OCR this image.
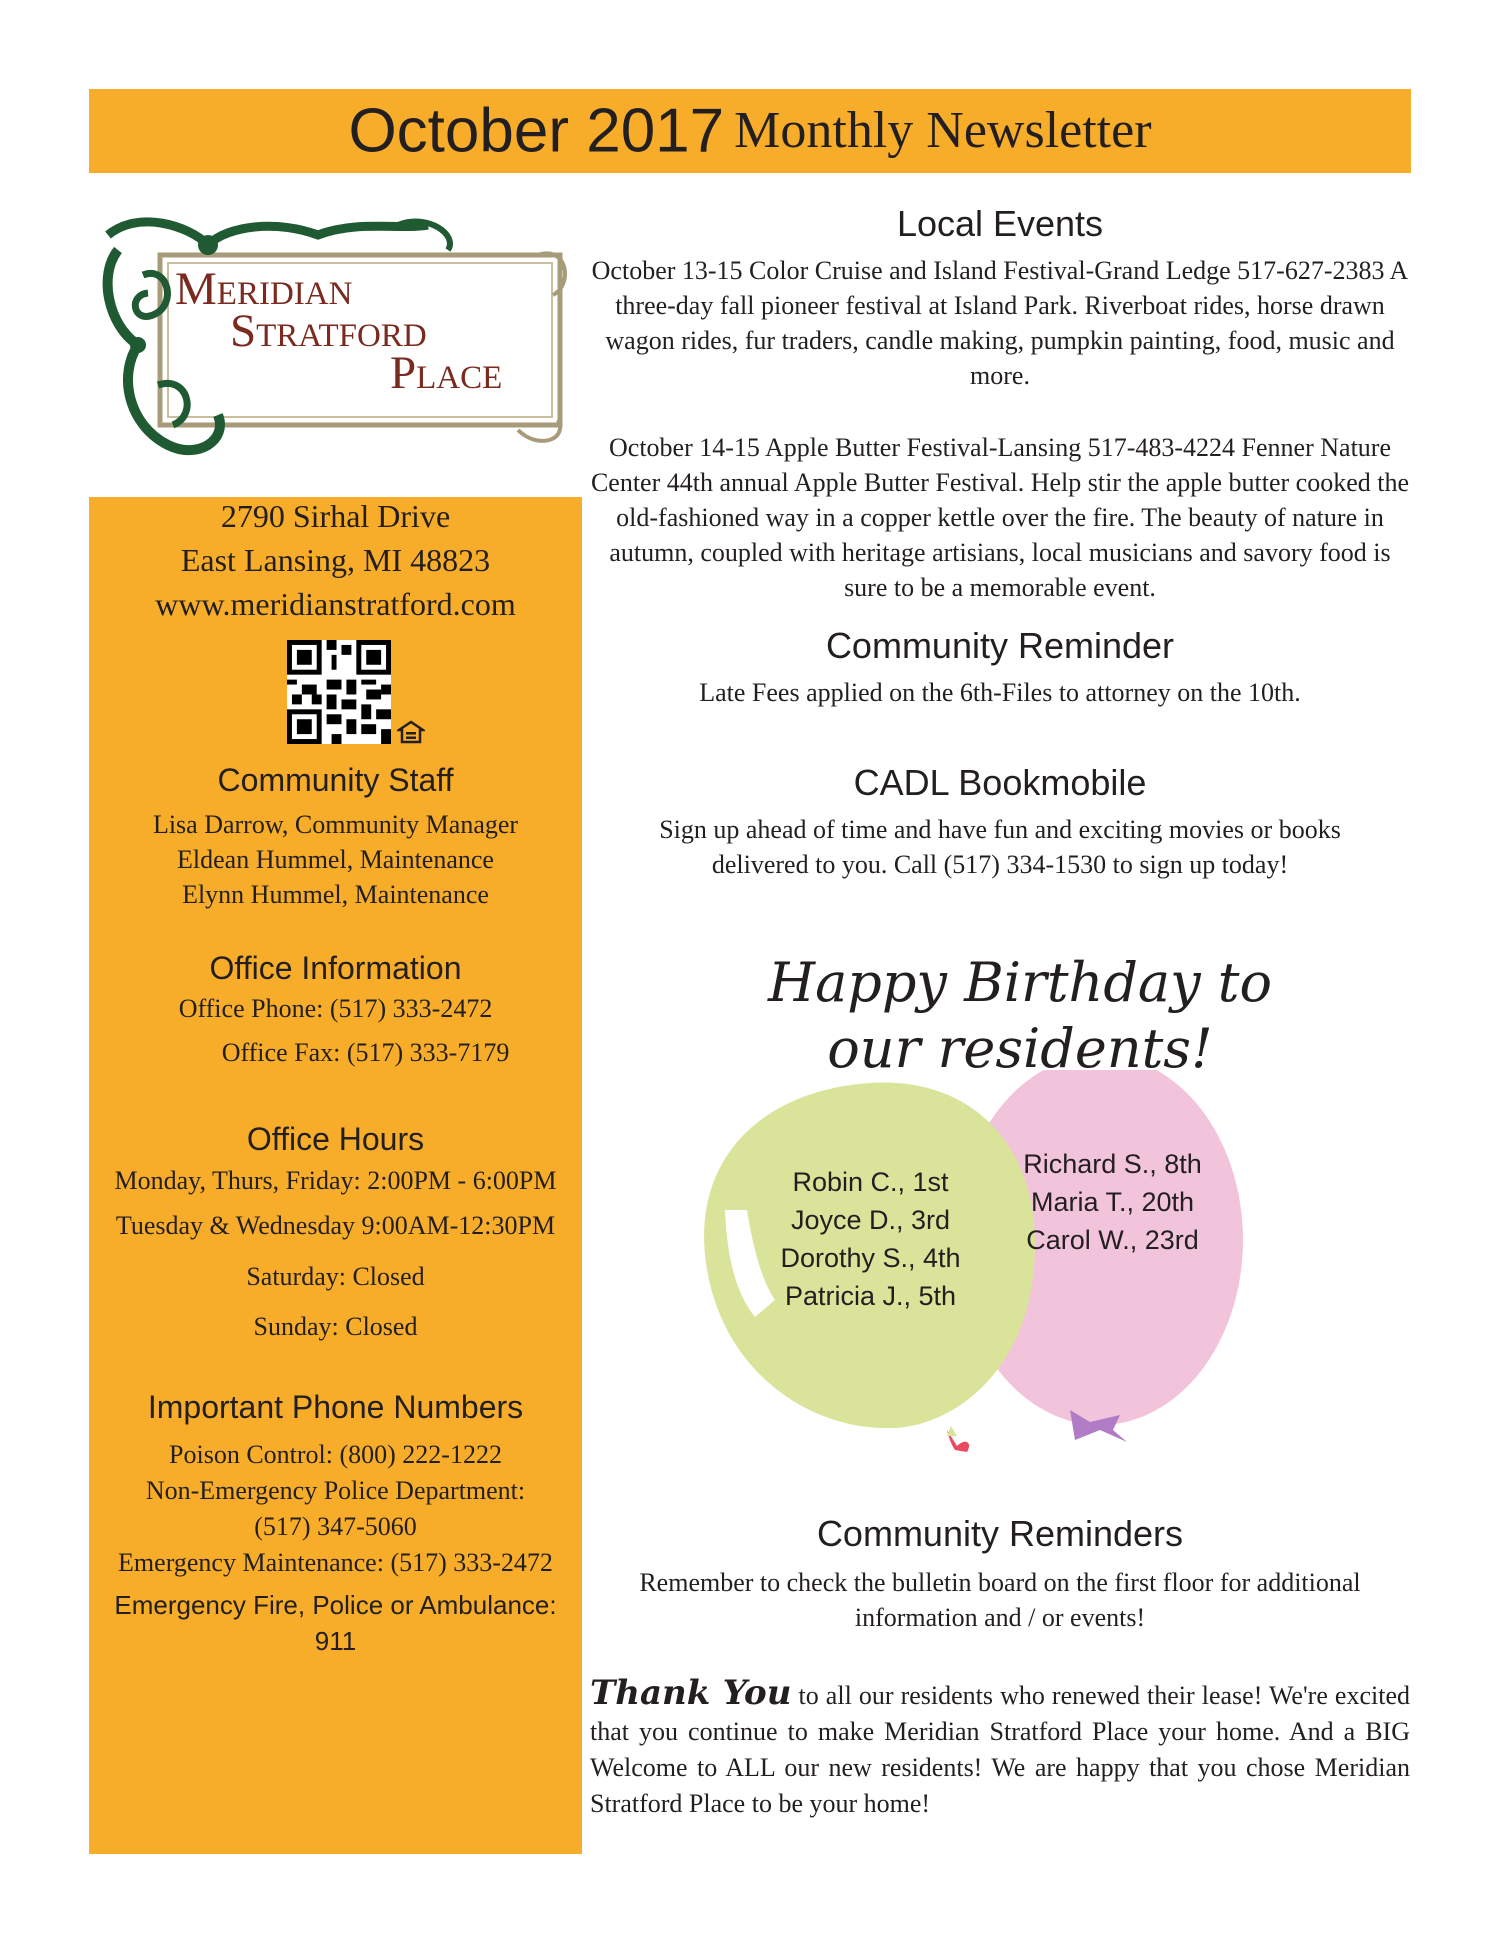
October 2017 Monthly Newsletter
Meridian
Stratford
Place
2790 Sirhal Drive
East Lansing, MI 48823
www.meridianstratford.com
Community Staff
Lisa Darrow, Community Manager
Eldean Hummel, Maintenance
Elynn Hummel, Maintenance
Office Information
Office Phone: (517) 333-2472
Office Fax: (517) 333-7179
Office Hours
Monday, Thurs, Friday: 2:00PM - 6:00PM
Tuesday & Wednesday 9:00AM-12:30PM
Saturday: Closed
Sunday: Closed
Important Phone Numbers
Poison Control: (800) 222-1222
Non-Emergency Police Department:
(517) 347-5060
Emergency Maintenance: (517) 333-2472
Emergency Fire, Police or Ambulance:
911
Local Events
October 13-15 Color Cruise and Island Festival-Grand Ledge 517-627-2383 A three-day fall pioneer festival at Island Park. Riverboat rides, horse drawn wagon rides, fur traders, candle making, pumpkin painting, food, music and more.
October 14-15 Apple Butter Festival-Lansing 517-483-4224 Fenner Nature Center 44th annual Apple Butter Festival. Help stir the apple butter cooked the old-fashioned way in a copper kettle over the fire. The beauty of nature in autumn, coupled with heritage artisians, local musicians and savory food is sure to be a memorable event.
Community Reminder
Late Fees applied on the 6th-Files to attorney on the 10th.
CADL Bookmobile
Sign up ahead of time and have fun and exciting movies or books delivered to you. Call (517) 334-1530 to sign up today!
Happy Birthday to
our residents!
Robin C., 1st
Joyce D., 3rd
Dorothy S., 4th
Patricia J., 5th
Richard S., 8th
Maria T., 20th
Carol W., 23rd
Community Reminders
Remember to check the bulletin board on the first floor for additional information and / or events!
Thank You to all our residents who renewed their lease! We're excited that you continue to make Meridian Stratford Place your home. And a BIG Welcome to ALL our new residents! We are happy that you chose Meridian Stratford Place to be your home!
